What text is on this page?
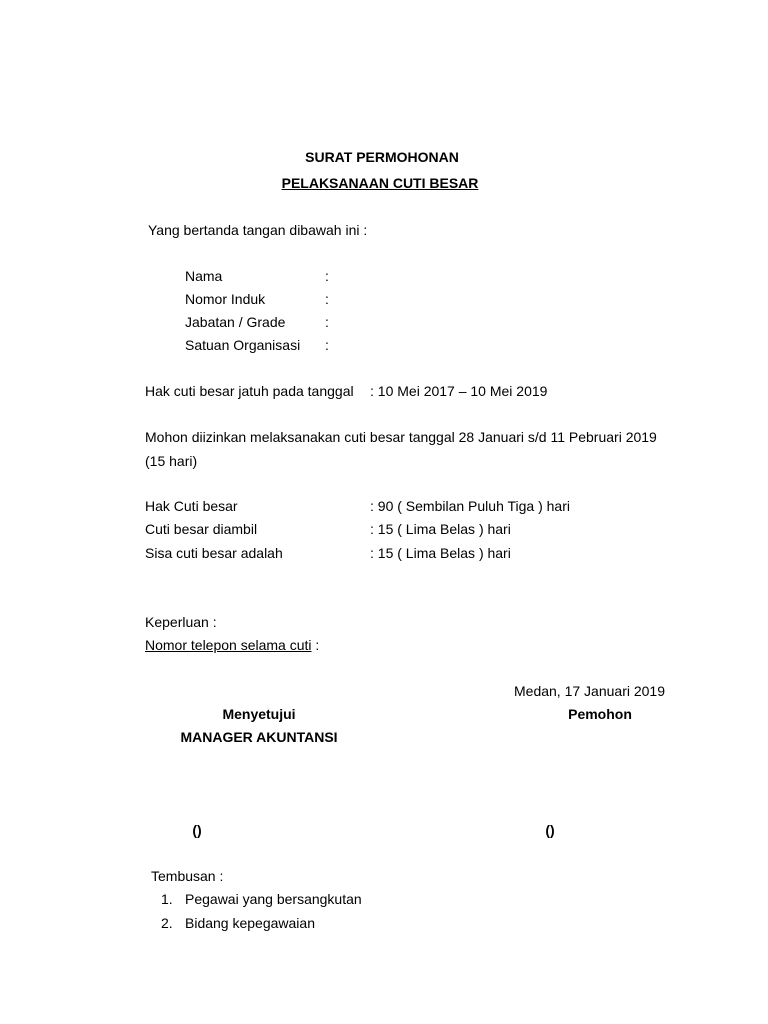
SURAT PERMOHONAN
PELAKSANAAN CUTI BESAR
Yang bertanda tangan dibawah ini :
Nama	:
Nomor Induk	:
Jabatan / Grade	:
Satuan Organisasi :
Hak cuti besar jatuh pada tanggal : 10 Mei 2017 – 10 Mei 2019
Mohon diizinkan melaksanakan cuti besar tanggal 28 Januari s/d 11 Pebruari 2019
(15 hari)
Hak Cuti besar	: 90 ( Sembilan Puluh Tiga ) hari
Cuti besar diambil	: 15 ( Lima Belas ) hari
Sisa cuti besar adalah	: 15 ( Lima Belas ) hari
Keperluan :
Nomor telepon selama cuti :
Medan, 17 Januari 2019
Menyetujui
MANAGER AKUNTANSI
Pemohon
()	()
Tembusan :
1. Pegawai yang bersangkutan
2. Bidang kepegawaian
